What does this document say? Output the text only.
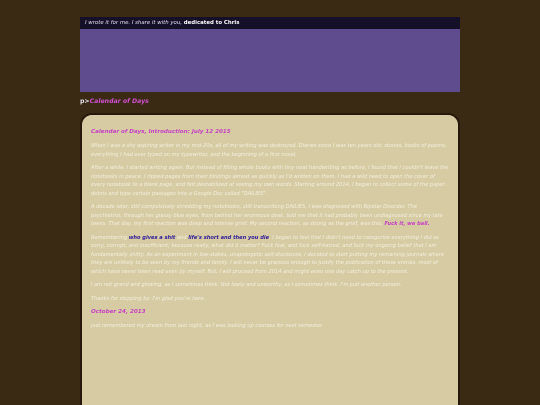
I wrote it for me. I share it with you, dedicated to Chris
p>Calendar of Days

Calendar of Days, Introduction: July 12 2015

When I was a shy aspiring writer in my mid-20s, all of my writing was destroyed. Diaries since I was ten years old, stories, books of poems, everything I had ever typed on my typewriter, and the beginning of a first novel.

After a while, I started writing again. But instead of filling whole books with tiny neat handwriting as before, I found that I couldn't leave the notebooks in peace. I ripped pages from their bindings almost as quickly as I'd written on them. I had a wild need to open the cover of every notebook to a blank page, and felt destabilized at seeing my own words. Starting around 2014, I began to collect some of the paper debris and type certain passages into a Google Doc called "DAILIES".

A decade later, still compulsively shredding my notebooks, still transcribing DAILIES, I was diagnosed with Bipolar Disorder. The psychiatrist, through her glassy blue eyes, from behind her enormous desk, told me that it had probably been undiagnosed since my late teens. That day, my first reaction was deep and intense grief. My second reaction, as strong as the grief, was this: Fuck it, we ball.

Remembering who gives a shit and life's short and then you die, I began to feel that I didn't need to categorize everything I did as sorry, corrupt, and insufficient; because really, what did it matter? Fuck fear, and fuck self-hatred, and fuck my ongoing belief that I am fundamentally shitty. As an experiment in low-stakes, unapologetic self-disclosure, I decided to start putting my remaining journals where they are unlikely to be seen by my friends and family. I will never be gracious enough to justify the publication of these entries, most of which have never been read even by myself. But, I will proceed from 2014 and might even one day catch up to the present.

I am not grand and glowing, as I sometimes think. Not lowly and unworthy, as I sometimes think. I'm just another person.

Thanks for stopping by. I'm glad you're here.

October 24, 2013

just remembered my dream from last night, as I was looking up courses for next semester
